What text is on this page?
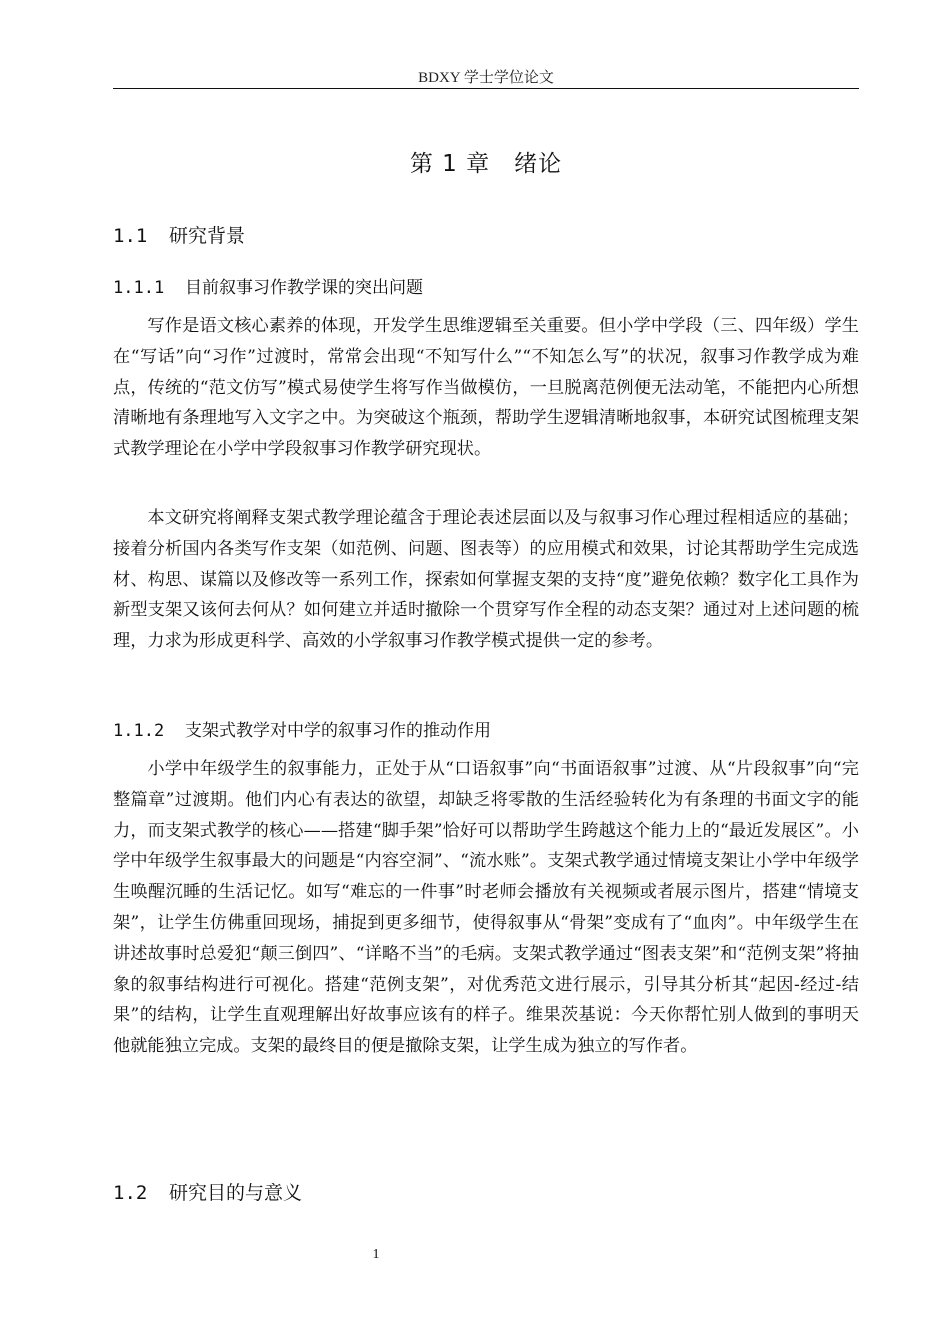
BDXY 学士学位论文
第 1 章　绪论
1.1 研究背景
1.1.1 目前叙事习作教学课的突出问题

写作是语文核心素养的体现，开发学生思维逻辑至关重要。但小学中学段（三、四年级）学生在“写话”向“习作”过渡时，常常会出现“不知写什么”“不知怎么写”的状况，叙事习作教学成为难点，传统的“范文仿写”模式易使学生将写作当做模仿，一旦脱离范例便无法动笔，不能把内心所想清晰地有条理地写入文字之中。为突破这个瓶颈，帮助学生逻辑清晰地叙事，本研究试图梳理支架式教学理论在小学中学段叙事习作教学研究现状。

本文研究将阐释支架式教学理论蕴含于理论表述层面以及与叙事习作心理过程相适应的基础；接着分析国内各类写作支架（如范例、问题、图表等）的应用模式和效果，讨论其帮助学生完成选材、构思、谋篇以及修改等一系列工作，探索如何掌握支架的支持“度”避免依赖？数字化工具作为新型支架又该何去何从？如何建立并适时撤除一个贯穿写作全程的动态支架？通过对上述问题的梳理，力求为形成更科学、高效的小学叙事习作教学模式提供一定的参考。

1.1.2 支架式教学对中学的叙事习作的推动作用

小学中年级学生的叙事能力，正处于从“口语叙事”向“书面语叙事”过渡、从“片段叙事”向“完整篇章”过渡期。他们内心有表达的欲望，却缺乏将零散的生活经验转化为有条理的书面文字的能力，而支架式教学的核心——搭建“脚手架”恰好可以帮助学生跨越这个能力上的“最近发展区”。小学中年级学生叙事最大的问题是“内容空洞”、“流水账”。支架式教学通过情境支架让小学中年级学生唤醒沉睡的生活记忆。如写“难忘的一件事”时老师会播放有关视频或者展示图片，搭建“情境支架”，让学生仿佛重回现场，捕捉到更多细节，使得叙事从“骨架”变成有了“血肉”。中年级学生在讲述故事时总爱犯“颠三倒四”、“详略不当”的毛病。支架式教学通过“图表支架”和“范例支架”将抽象的叙事结构进行可视化。搭建“范例支架”，对优秀范文进行展示，引导其分析其“起因-经过-结果”的结构，让学生直观理解出好故事应该有的样子。维果茨基说：今天你帮忙别人做到的事明天他就能独立完成。支架的最终目的便是撤除支架，让学生成为独立的写作者。

1.2 研究目的与意义
1
